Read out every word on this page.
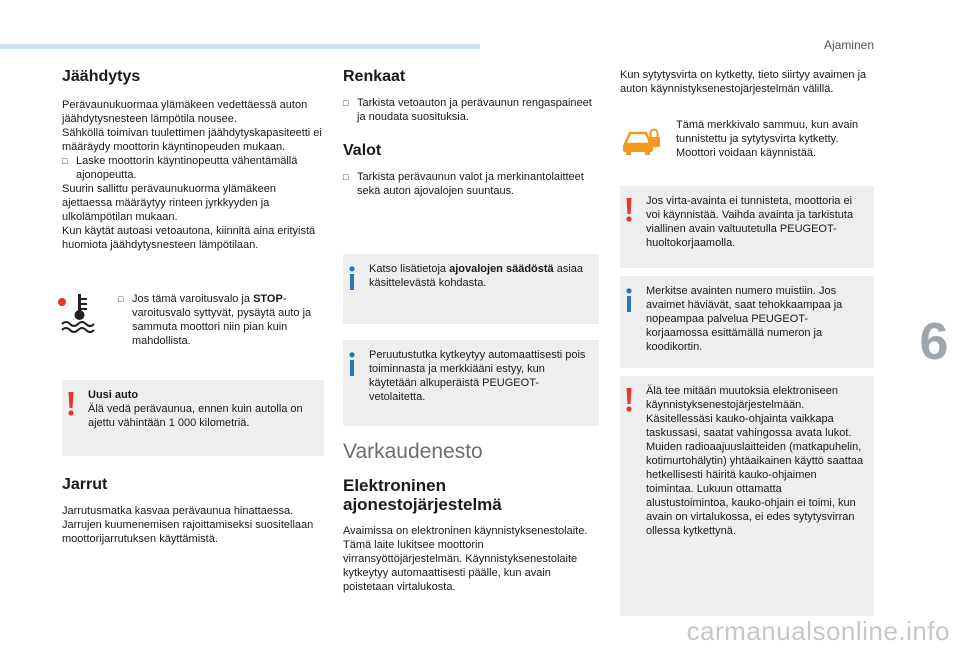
Ajaminen
6
carmanualsonline.info
Jäähdytys

Perävaunukuormaa ylämäkeen vedettäessä auton jäähdytysnesteen lämpötila nousee.

Sähköllä toimivan tuulettimen jäähdytyskapasiteetti ei määräydy moottorin käyntinopeuden mukaan.

□ Laske moottorin käyntinopeutta vähentämällä ajonopeutta.

Suurin sallittu perävaunukuorma ylämäkeen ajettaessa määräytyy rinteen jyrkkyyden ja ulkolämpötilan mukaan.

Kun käytät autoasi vetoautona, kiinnitä aina erityistä huomiota jäähdytysnesteen lämpötilaan.

□ Jos tämä varoitusvalo ja STOP-varoitusvalo syttyvät, pysäytä auto ja sammuta moottori niin pian kuin mahdollista.
Uusi auto
Älä vedä perävaunua, ennen kuin autolla on ajettu vähintään 1 000 kilometriä.
Jarrut

Jarrutusmatka kasvaa perävaunua hinattaessa. Jarrujen kuumenemisen rajoittamiseksi suositellaan moottorijarrutuksen käyttämistä.

Renkaat
□ Tarkista vetoauton ja perävaunun rengaspaineet ja noudata suosituksia.
Valot
□ Tarkista perävaunun valot ja merkinantolaitteet sekä auton ajovalojen suuntaus.
Katso lisätietoja ajovalojen säädöstä asiaa käsittelevästä kohdasta.
Peruutustutka kytkeytyy automaattisesti pois toiminnasta ja merkkiääni estyy, kun käytetään alkuperäistä PEUGEOT-vetolaitetta.
Varkaudenesto
Elektroninen ajonestojärjestelmä

Avaimissa on elektroninen käynnistyksenestolaite. Tämä laite lukitsee moottorin virransyöttöjärjestelmän. Käynnistyksenestolaite kytkeytyy automaattisesti päälle, kun avain poistetaan virtalukosta.

Kun sytytysvirta on kytketty, tieto siirtyy avaimen ja auton käynnistyksenestojärjestelmän välillä.

Tämä merkkivalo sammuu, kun avain tunnistettu ja sytytysvirta kytketty. Moottori voidaan käynnistää.

Jos virta-avainta ei tunnisteta, moottoria ei voi käynnistää. Vaihda avainta ja tarkistuta viallinen avain valtuutetulla PEUGEOT-huoltokorjaamolla.
Merkitse avainten numero muistiin. Jos avaimet häviävät, saat tehokkaampaa ja nopeampaa palvelua PEUGEOT-korjaamossa esittämällä numeron ja koodikortin.
Älä tee mitään muutoksia elektroniseen käynnistyksenestojärjestelmään. Käsitellessäsi kauko-ohjainta vaikkapa taskussasi, saatat vahingossa avata lukot. Muiden radioaajuuslaitteiden (matkapuhelin, kotimurtohälytin) yhtäaikainen käyttö saattaa hetkellisesti häiritä kauko-ohjaimen toimintaa. Lukuun ottamatta alustustoimintoa, kauko-ohjain ei toimi, kun avain on virtalukossa, ei edes sytytysvirran ollessa kytkettynä.
